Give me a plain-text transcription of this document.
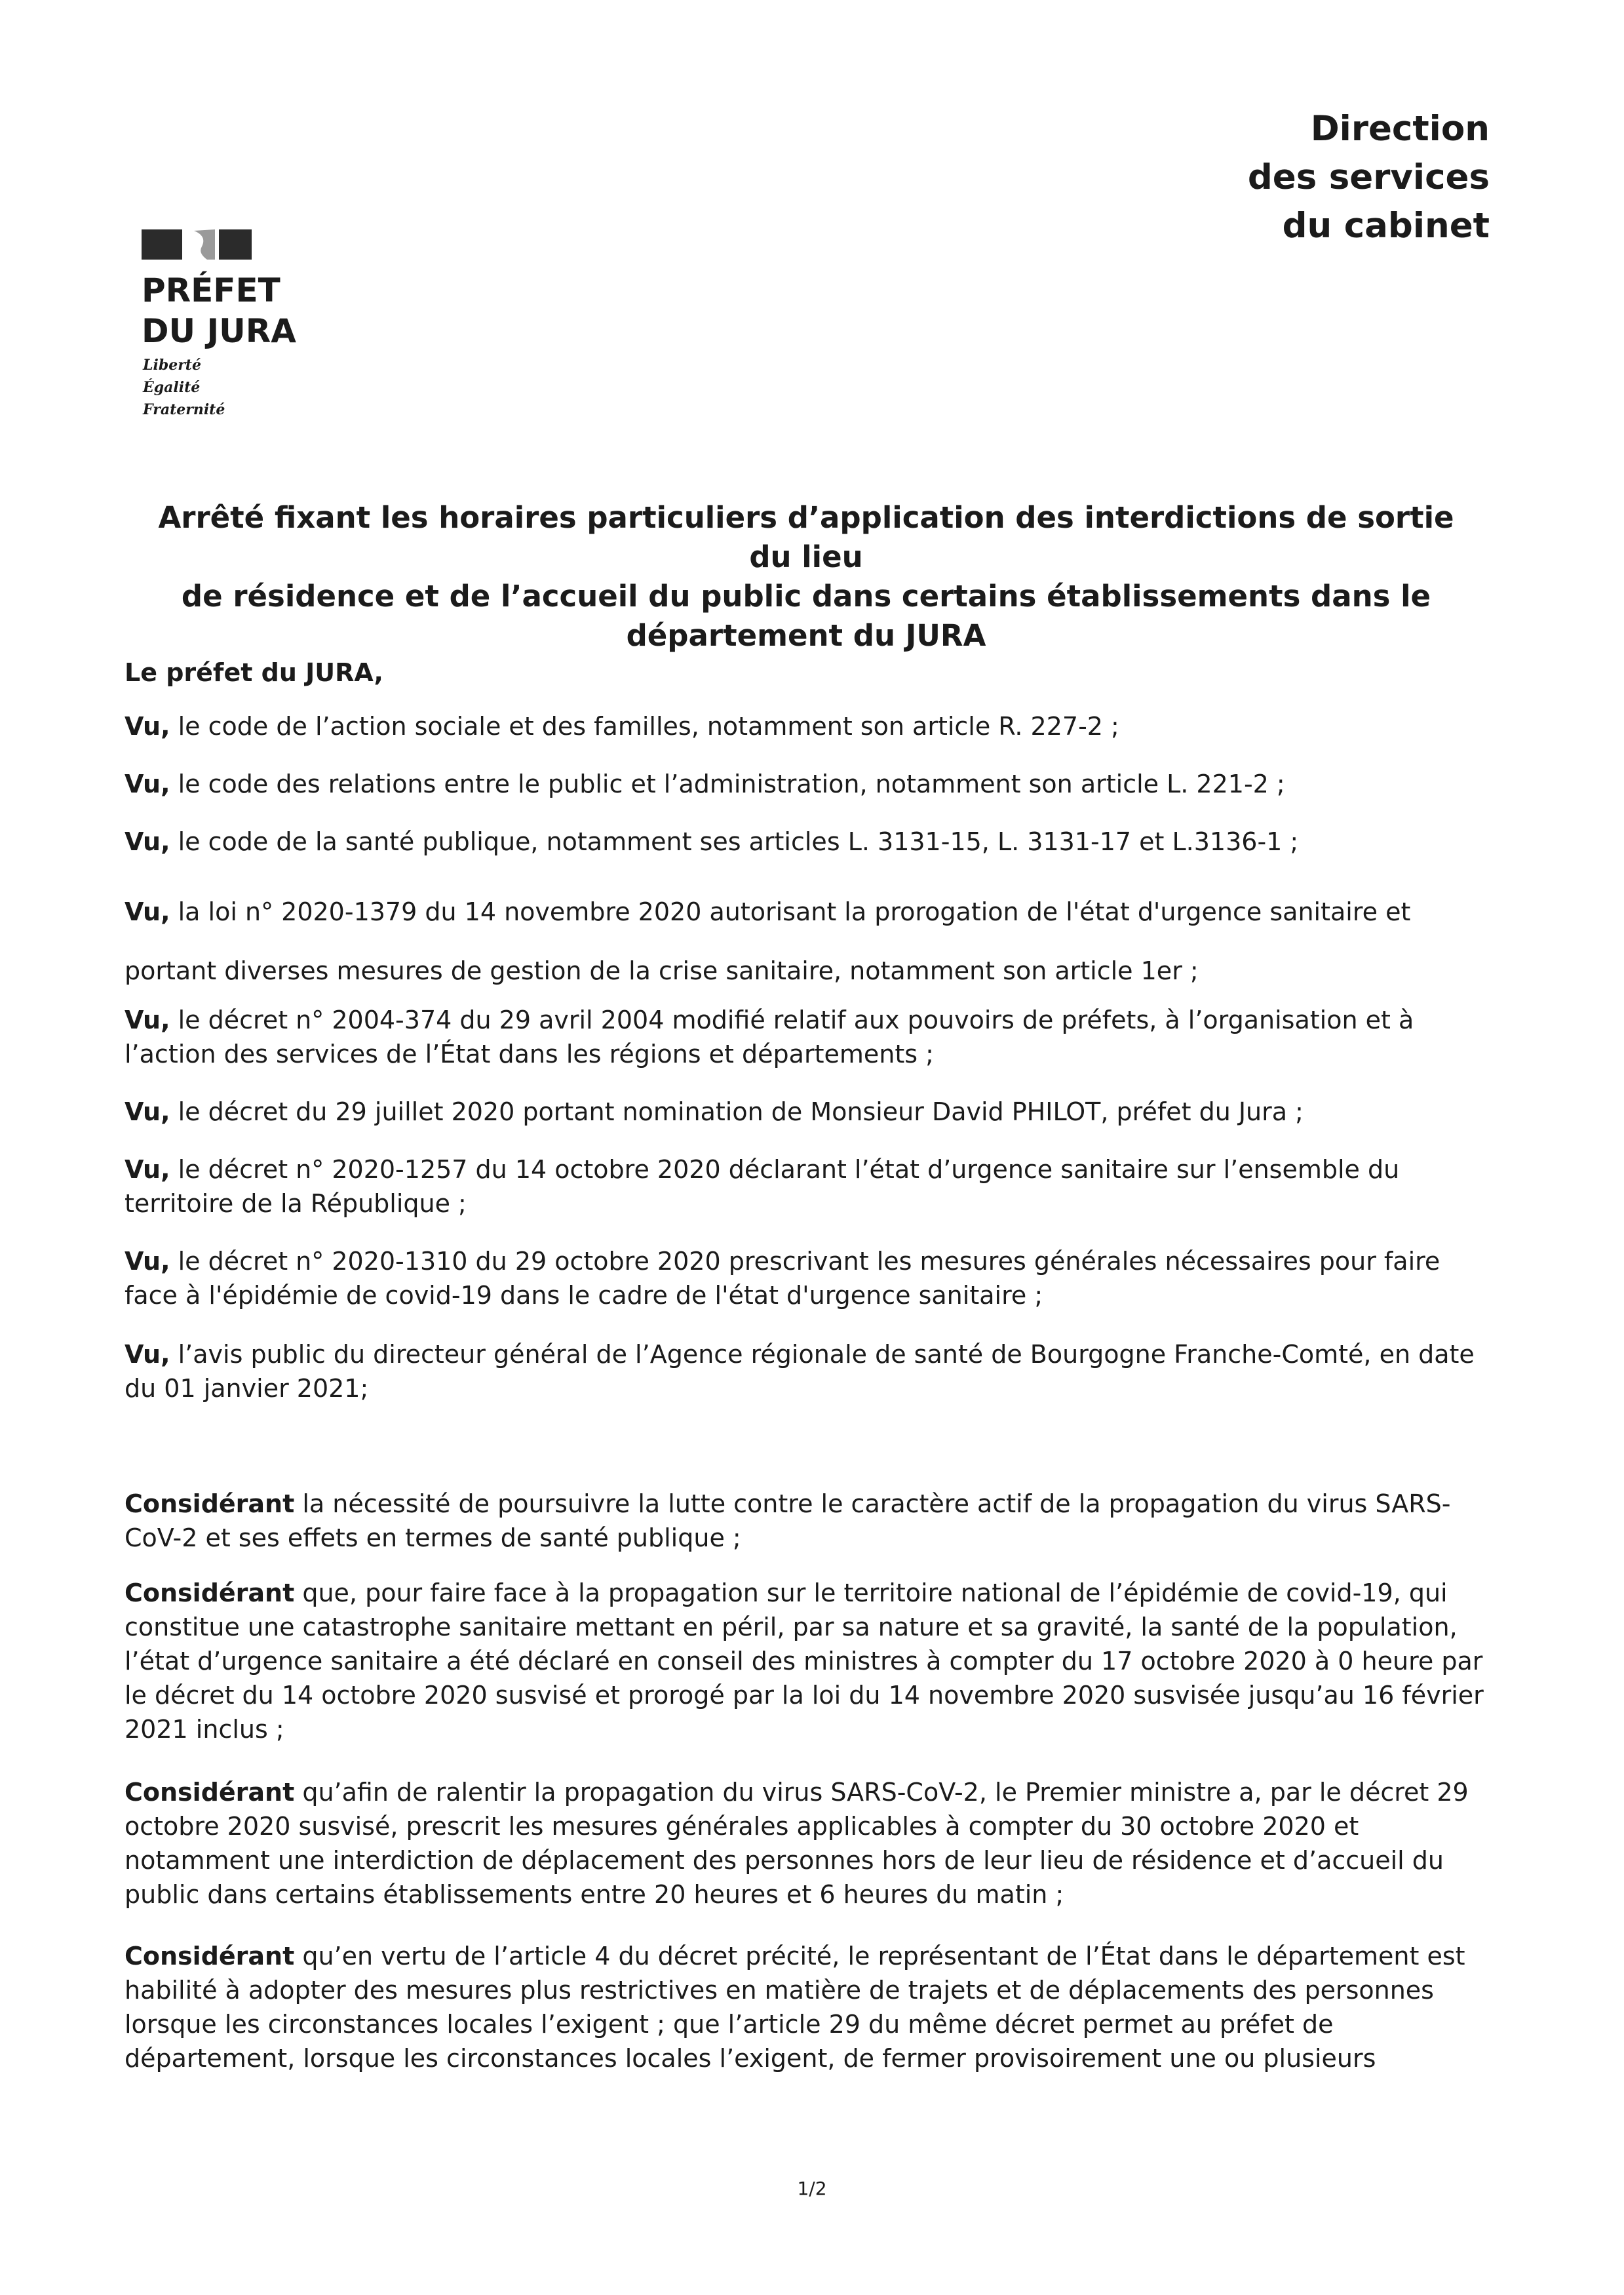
Direction
des services
du cabinet
PRÉFET
DU JURA
Liberté
Égalité
Fraternité
Arrêté fixant les horaires particuliers d’application des interdictions de sortie du lieu
de résidence et de l’accueil du public dans certains établissements dans le
département du JURA
Le préfet du JURA,
Vu, le code de l’action sociale et des familles, notamment son article R. 227-2 ;
Vu, le code des relations entre le public et l’administration, notamment son article L. 221-2 ;
Vu, le code de la santé publique, notamment ses articles L. 3131-15, L. 3131-17 et L.3136-1 ;
Vu, la loi n° 2020-1379 du 14 novembre 2020 autorisant la prorogation de l'état d'urgence sanitaire et portant diverses mesures de gestion de la crise sanitaire, notamment son article 1er ;
Vu, le décret n° 2004-374 du 29 avril 2004 modifié relatif aux pouvoirs de préfets, à l’organisation et à l’action des services de l’État dans les régions et départements ;
Vu, le décret du 29 juillet 2020 portant nomination de Monsieur David PHILOT, préfet du Jura ;
Vu, le décret n° 2020-1257 du 14 octobre 2020 déclarant l’état d’urgence sanitaire sur l’ensemble du territoire de la République ;
Vu, le décret n° 2020-1310 du 29 octobre 2020 prescrivant les mesures générales nécessaires pour faire face à l'épidémie de covid-19 dans le cadre de l'état d'urgence sanitaire ;
Vu, l’avis public du directeur général de l’Agence régionale de santé de Bourgogne Franche-Comté, en date du 01 janvier 2021;
Considérant la nécessité de poursuivre la lutte contre le caractère actif de la propagation du virus SARS-CoV-2 et ses effets en termes de santé publique ;
Considérant que, pour faire face à la propagation sur le territoire national de l’épidémie de covid-19, qui constitue une catastrophe sanitaire mettant en péril, par sa nature et sa gravité, la santé de la population, l’état d’urgence sanitaire a été déclaré en conseil des ministres à compter du 17 octobre 2020 à 0 heure par le décret du 14 octobre 2020 susvisé et prorogé par la loi du 14 novembre 2020 susvisée jusqu’au 16 février 2021 inclus ;
Considérant qu’afin de ralentir la propagation du virus SARS-CoV-2, le Premier ministre a, par le décret 29 octobre 2020 susvisé, prescrit les mesures générales applicables à compter du 30 octobre 2020 et notamment une interdiction de déplacement des personnes hors de leur lieu de résidence et d’accueil du public dans certains établissements entre 20 heures et 6 heures du matin ;
Considérant qu’en vertu de l’article 4 du décret précité, le représentant de l’État dans le département est habilité à adopter des mesures plus restrictives en matière de trajets et de déplacements des personnes lorsque les circonstances locales l’exigent ; que l’article 29 du même décret permet au préfet de département, lorsque les circonstances locales l’exigent, de fermer provisoirement une ou plusieurs
1/2
